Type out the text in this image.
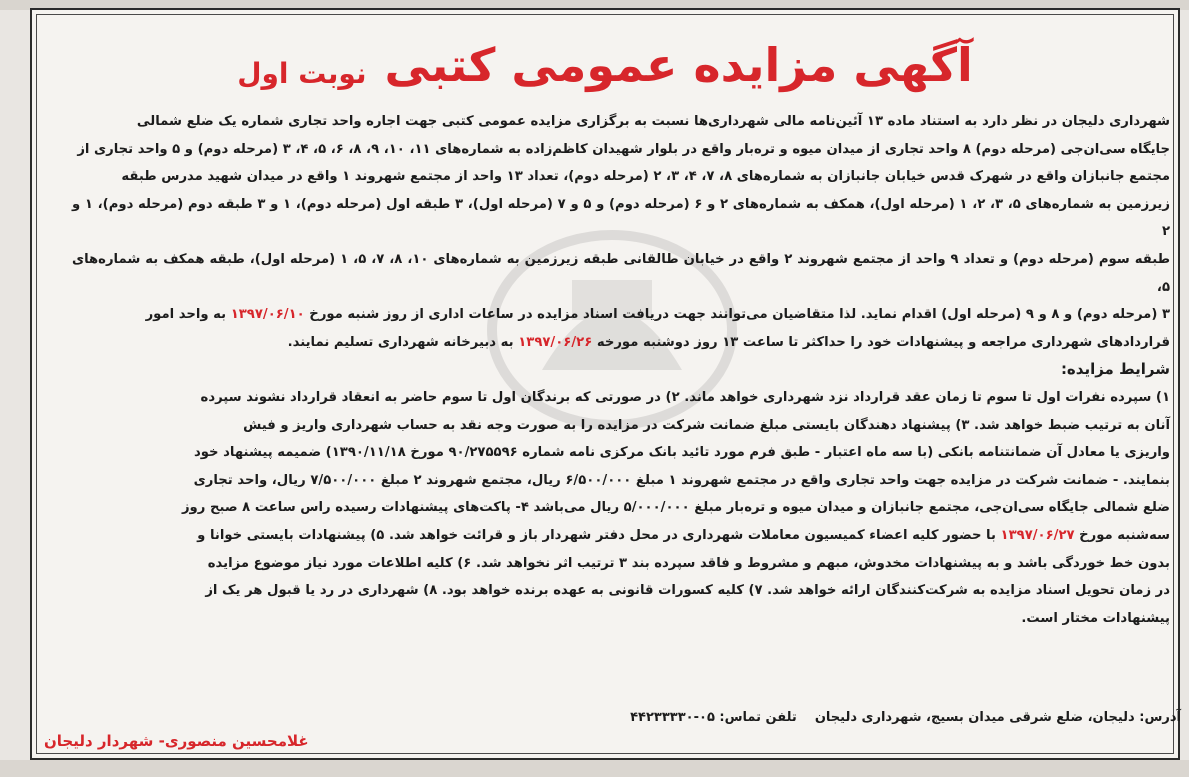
آگهی مزایده عمومی کتبی
نوبت اول

شهرداری دلیجان در نظر دارد به استناد ماده ۱۳ آئین‌نامه مالی شهرداری‌ها نسبت به برگزاری مزایده عمومی کتبی جهت اجاره واحد تجاری شماره یک ضلع شمالی

جایگاه سی‌ان‌جی (مرحله دوم) ۸ واحد تجاری از میدان میوه و تره‌بار واقع در بلوار شهیدان کاظم‌زاده به شماره‌های ۱۱، ۱۰، ۹، ۸، ۶، ۵، ۴، ۳ (مرحله دوم) و ۵ واحد تجاری از

مجتمع جانبازان واقع در شهرک قدس خیابان جانبازان به شماره‌های ۸، ۷، ۴، ۳، ۲ (مرحله دوم)، تعداد ۱۳ واحد از مجتمع شهروند ۱ واقع در میدان شهید مدرس طبقه

زیرزمین به شماره‌های ۵، ۳، ۲، ۱ (مرحله اول)، همکف به شماره‌های ۲ و ۶ (مرحله دوم) و ۵ و ۷ (مرحله اول)، ۳ طبقه اول (مرحله دوم)، ۱ و ۳ طبقه دوم (مرحله دوم)، ۱ و ۲

طبقه سوم (مرحله دوم) و تعداد ۹ واحد از مجتمع شهروند ۲ واقع در خیابان طالقانی طبقه زیرزمین به شماره‌های ۱۰، ۸، ۷، ۵، ۱ (مرحله اول)، طبقه همکف به شماره‌های ۵،

۳ (مرحله دوم) و ۸ و ۹ (مرحله اول) اقدام نماید. لذا متقاضیان می‌توانند جهت دریافت اسناد مزایده در ساعات اداری از روز شنبه مورخ ۱۳۹۷/۰۶/۱۰ به واحد امور

قراردادهای شهرداری مراجعه و پیشنهادات خود را حداکثر تا ساعت ۱۳ روز دوشنبه مورخه ۱۳۹۷/۰۶/۲۶ به دبیرخانه شهرداری تسلیم نمایند.

شرایط مزایده:

۱) سپرده نفرات اول تا سوم تا زمان عقد قرارداد نزد شهرداری خواهد ماند. ۲) در صورتی که برندگان اول تا سوم حاضر به انعقاد قرارداد نشوند سپرده

آنان به ترتیب ضبط خواهد شد. ۳) پیشنهاد دهندگان بایستی مبلغ ضمانت شرکت در مزایده را به صورت وجه نقد به حساب شهرداری واریز و فیش

واریزی یا معادل آن ضمانتنامه بانکی (با سه ماه اعتبار - طبق فرم مورد تائید بانک مرکزی نامه شماره ۹۰/۲۷۵۵۹۶ مورخ ۱۳۹۰/۱۱/۱۸) ضمیمه پیشنهاد خود

بنمایند. - ضمانت شرکت در مزایده جهت واحد تجاری واقع در مجتمع شهروند ۱ مبلغ ۶/۵۰۰/۰۰۰ ریال، مجتمع شهروند ۲ مبلغ ۷/۵۰۰/۰۰۰ ریال، واحد تجاری

ضلع شمالی جایگاه سی‌ان‌جی، مجتمع جانبازان و میدان میوه و تره‌بار مبلغ ۵/۰۰۰/۰۰۰ ریال می‌باشد ۴- پاکت‌های پیشنهادات رسیده راس ساعت ۸ صبح روز

سه‌شنبه مورخ ۱۳۹۷/۰۶/۲۷ با حضور کلیه اعضاء کمیسیون معاملات شهرداری در محل دفتر شهردار باز و قرائت خواهد شد. ۵) پیشنهادات بایستی خوانا و

بدون خط خوردگی باشد و به پیشنهادات مخدوش، مبهم و مشروط و فاقد سپرده بند ۳ ترتیب اثر نخواهد شد. ۶) کلیه اطلاعات مورد نیاز موضوع مزایده

در زمان تحویل اسناد مزایده به شرکت‌کنندگان ارائه خواهد شد. ۷) کلیه کسورات قانونی به عهده برنده خواهد بود. ۸) شهرداری در رد یا قبول هر یک از

پیشنهادات مختار است.

آدرس: دلیجان، ضلع شرقی میدان بسیج، شهرداری دلیجان
تلفن تماس: ۰۵-۴۴۲۳۳۳۳۰
غلامحسین منصوری- شهردار دلیجان
